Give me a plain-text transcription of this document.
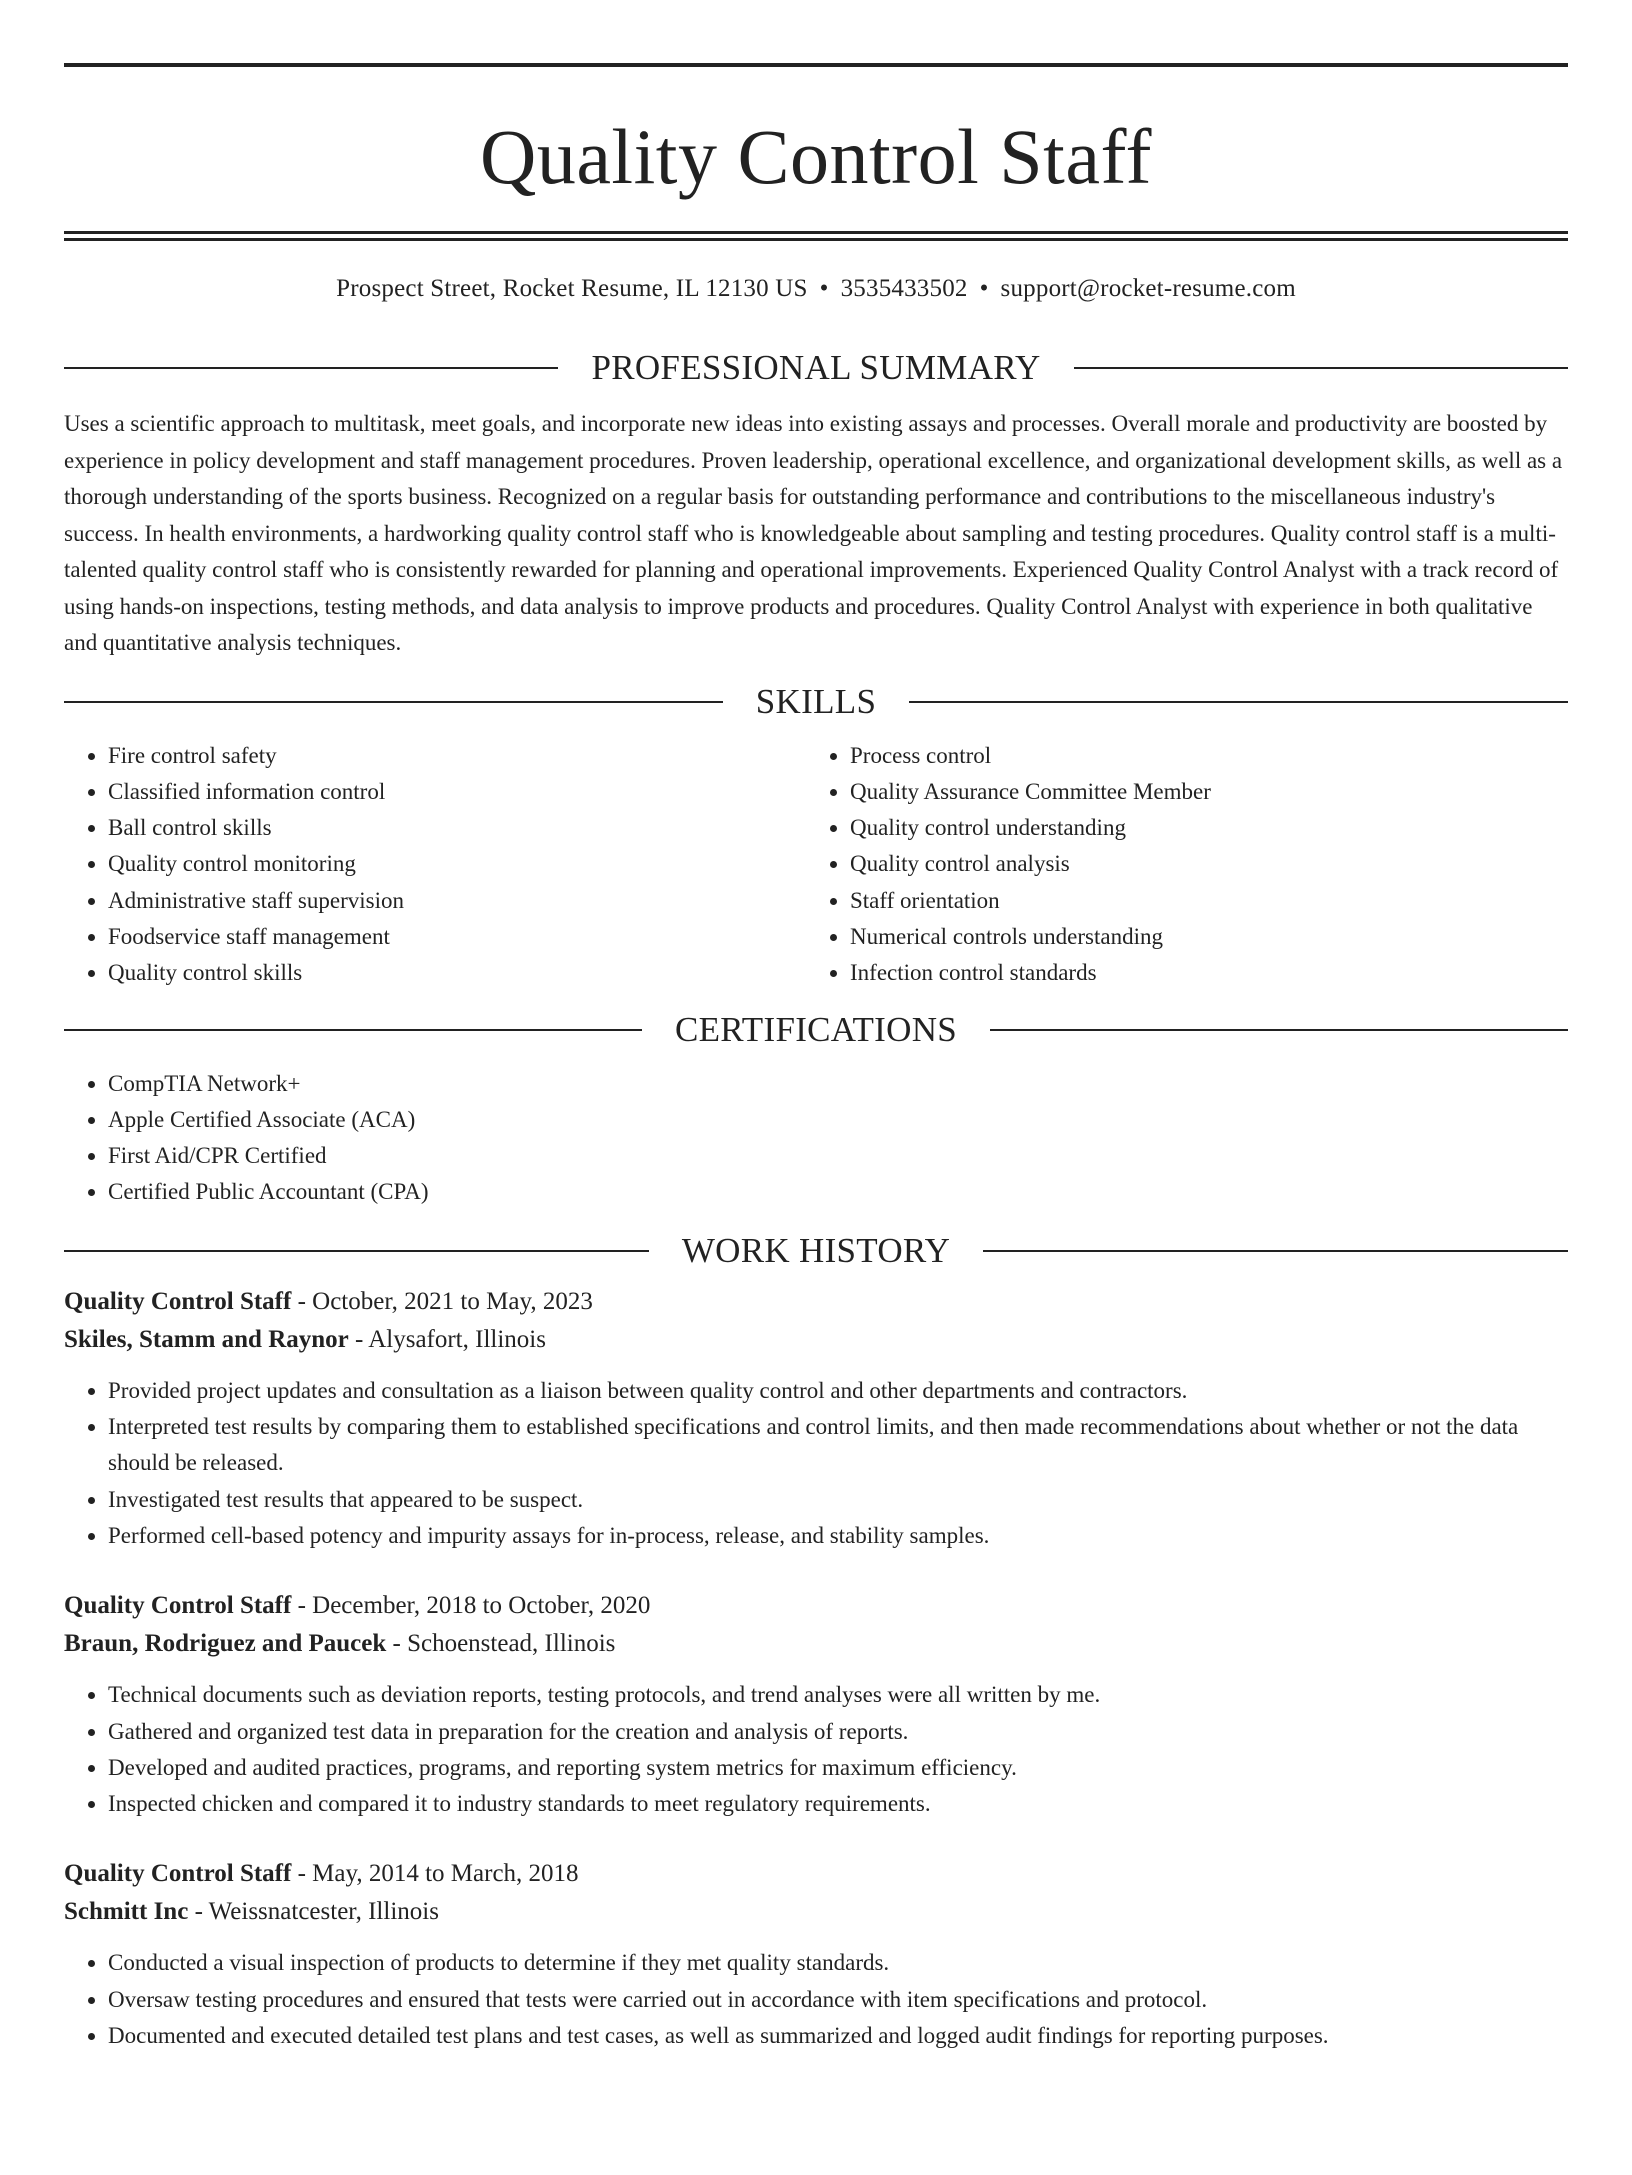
Quality Control Staff
Prospect Street, Rocket Resume, IL 12130 US • 3535433502 • support@rocket-resume.com
PROFESSIONAL SUMMARY

Uses a scientific approach to multitask, meet goals, and incorporate new ideas into existing assays and processes. Overall morale and productivity are boosted by experience in policy development and staff management procedures. Proven leadership, operational excellence, and organizational development skills, as well as a thorough understanding of the sports business. Recognized on a regular basis for outstanding performance and contributions to the miscellaneous industry's success. In health environments, a hardworking quality control staff who is knowledgeable about sampling and testing procedures. Quality control staff is a multi-talented quality control staff who is consistently rewarded for planning and operational improvements. Experienced Quality Control Analyst with a track record of using hands-on inspections, testing methods, and data analysis to improve products and procedures. Quality Control Analyst with experience in both qualitative and quantitative analysis techniques.

SKILLS
• Fire control safety
• Classified information control
• Ball control skills
• Quality control monitoring
• Administrative staff supervision
• Foodservice staff management
• Quality control skills
• Process control
• Quality Assurance Committee Member
• Quality control understanding
• Quality control analysis
• Staff orientation
• Numerical controls understanding
• Infection control standards
CERTIFICATIONS
• CompTIA Network+
• Apple Certified Associate (ACA)
• First Aid/CPR Certified
• Certified Public Accountant (CPA)
WORK HISTORY
Quality Control Staff - October, 2021 to May, 2023
Skiles, Stamm and Raynor - Alysafort, Illinois
• Provided project updates and consultation as a liaison between quality control and other departments and contractors.
• Interpreted test results by comparing them to established specifications and control limits, and then made recommendations about whether or not the data should be released.
• Investigated test results that appeared to be suspect.
• Performed cell-based potency and impurity assays for in-process, release, and stability samples.
Quality Control Staff - December, 2018 to October, 2020
Braun, Rodriguez and Paucek - Schoenstead, Illinois
• Technical documents such as deviation reports, testing protocols, and trend analyses were all written by me.
• Gathered and organized test data in preparation for the creation and analysis of reports.
• Developed and audited practices, programs, and reporting system metrics for maximum efficiency.
• Inspected chicken and compared it to industry standards to meet regulatory requirements.
Quality Control Staff - May, 2014 to March, 2018
Schmitt Inc - Weissnatcester, Illinois
• Conducted a visual inspection of products to determine if they met quality standards.
• Oversaw testing procedures and ensured that tests were carried out in accordance with item specifications and protocol.
• Documented and executed detailed test plans and test cases, as well as summarized and logged audit findings for reporting purposes.
